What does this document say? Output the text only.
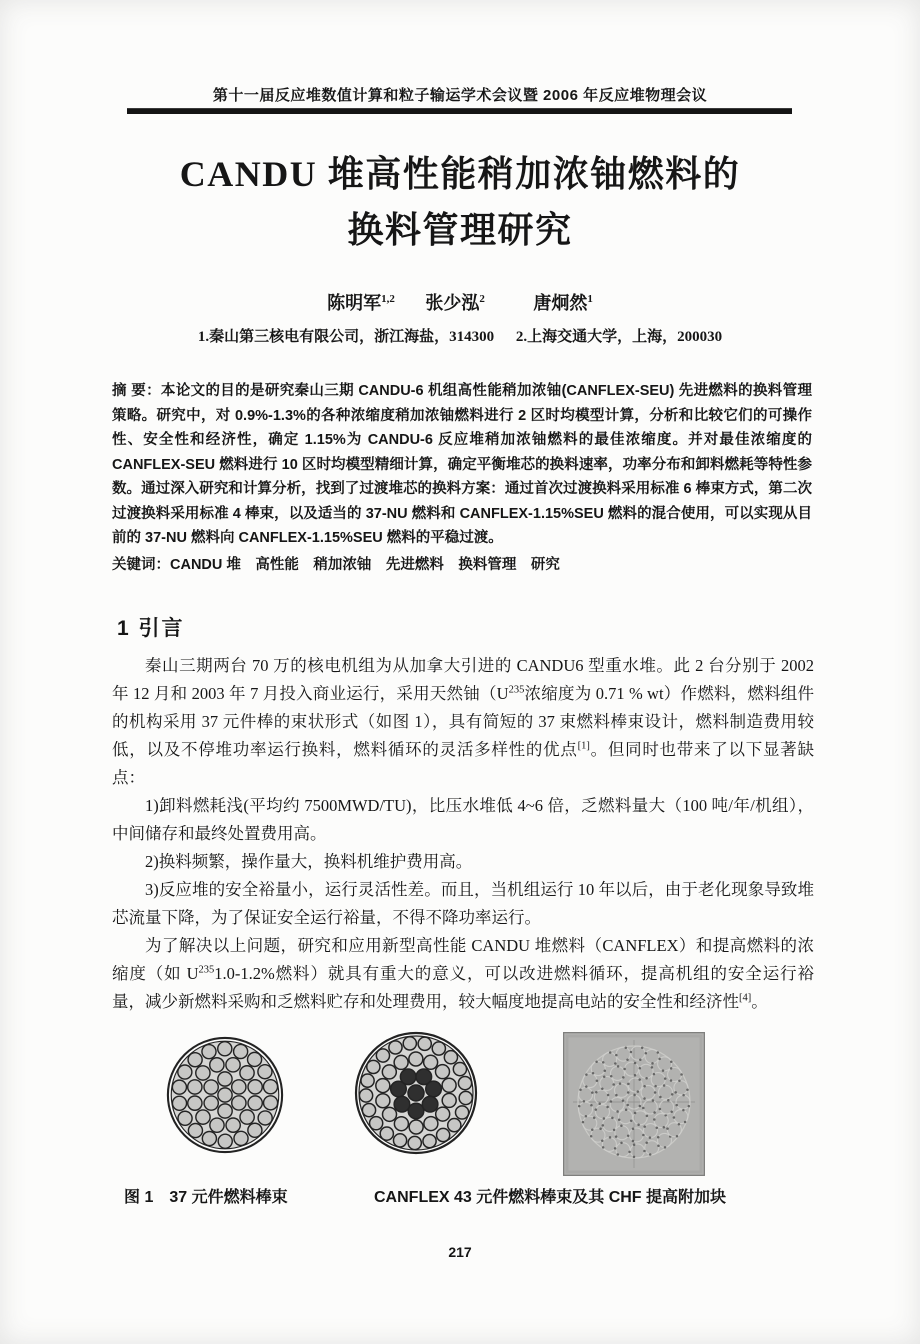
第十一届反应堆数值计算和粒子输运学术会议暨 2006 年反应堆物理会议
CANDU 堆高性能稍加浓铀燃料的
换料管理研究
陈明军$^{1,2}$ 张少泓$^2$	唐炯然$^1$
1.秦山第三核电有限公司，浙江海盐，314300 2.上海交通大学，上海，200030

摘 要：本论文的目的是研究秦山三期 CANDU-6 机组高性能稍加浓铀(CANFLEX-SEU) 先进燃料的换料管理策略。研究中，对 0.9%-1.3%的各种浓缩度稍加浓铀燃料进行 2 区时均模型计算，分析和比较它们的可操作性、安全性和经济性，确定 1.15%为 CANDU-6 反应堆稍加浓铀燃料的最佳浓缩度。并对最佳浓缩度的 CANFLEX-SEU 燃料进行 10 区时均模型精细计算，确定平衡堆芯的换料速率，功率分布和卸料燃耗等特性参数。通过深入研究和计算分析，找到了过渡堆芯的换料方案：通过首次过渡换料采用标准 6 棒束方式，第二次过渡换料采用标准 4 棒束，以及适当的 37-NU 燃料和 CANFLEX-1.15%SEU 燃料的混合使用，可以实现从目前的 37-NU 燃料向 CANFLEX-1.15%SEU 燃料的平稳过渡。

关键词：CANDU 堆　高性能　稍加浓铀　先进燃料　换料管理　研究

1 引言

秦山三期两台 70 万的核电机组为从加拿大引进的 CANDU6 型重水堆。此 2 台分别于 2002 年 12 月和 2003 年 7 月投入商业运行，采用天然铀（$U^{235}$浓缩度为 0.71 % wt）作燃料，燃料组件的机构采用 37 元件棒的束状形式（如图 1），具有简短的 37 束燃料棒束设计，燃料制造费用较低，以及不停堆功率运行换料，燃料循环的灵活多样性的优点[1]。但同时也带来了以下显著缺点：

1)卸料燃耗浅(平均约 7500MWD/TU)，比压水堆低 4~6 倍，乏燃料量大（100 吨/年/机组），中间储存和最终处置费用高。

2)换料频繁，操作量大，换料机维护费用高。

3)反应堆的安全裕量小，运行灵活性差。而且，当机组运行 10 年以后，由于老化现象导致堆芯流量下降，为了保证安全运行裕量，不得不降功率运行。

为了解决以上问题，研究和应用新型高性能 CANDU 堆燃料（CANFLEX）和提高燃料的浓缩度（如 $U^{235}1.0-1.2\%$燃料）就具有重大的意义，可以改进燃料循环，提高机组的安全运行裕量，减少新燃料采购和乏燃料贮存和处理费用，较大幅度地提高电站的安全性和经济性[4]。

图 1　37 元件燃料棒束	CANFLEX 43 元件燃料棒束及其 CHF 提高附加块
217
